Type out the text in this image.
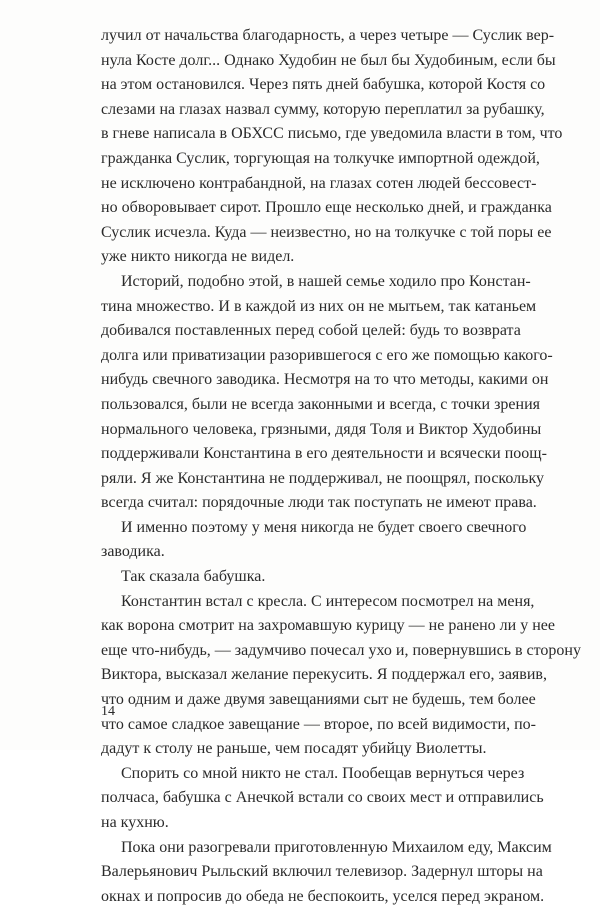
лучил от начальства благодарность, а через четыре — Суслик вер-
нула Косте долг... Однако Худобин не был бы Худобиным, если бы
на этом остановился. Через пять дней бабушка, которой Костя со
слезами на глазах назвал сумму, которую переплатил за рубашку,
в гневе написала в ОБХСС письмо, где уведомила власти в том, что
гражданка Суслик, торгующая на толкучке импортной одеждой,
не исключено контрабандной, на глазах сотен людей бессовест-
но обворовывает сирот. Прошло еще несколько дней, и гражданка
Суслик исчезла. Куда — неизвестно, но на толкучке с той поры ее
уже никто никогда не видел.
Историй, подобно этой, в нашей семье ходило про Констан-
тина множество. И в каждой из них он не мытьем, так катаньем
добивался поставленных перед собой целей: будь то возврата
долга или приватизации разорившегося с его же помощью какого-
нибудь свечного заводика. Несмотря на то что методы, какими он
пользовался, были не всегда законными и всегда, с точки зрения
нормального человека, грязными, дядя Толя и Виктор Худобины
поддерживали Константина в его деятельности и всячески поощ-
ряли. Я же Константина не поддерживал, не поощрял, поскольку
всегда считал: порядочные люди так поступать не имеют права.
И именно поэтому у меня никогда не будет своего свечного
заводика.
Так сказала бабушка.
Константин встал с кресла. С интересом посмотрел на меня,
как ворона смотрит на захромавшую курицу — не ранено ли у нее
еще что-нибудь, — задумчиво почесал ухо и, повернувшись в сторону
Виктора, высказал желание перекусить. Я поддержал его, заявив,
что одним и даже двумя завещаниями сыт не будешь, тем более
что самое сладкое завещание — второе, по всей видимости, по-
дадут к столу не раньше, чем посадят убийцу Виолетты.
Спорить со мной никто не стал. Пообещав вернуться через
полчаса, бабушка с Анечкой встали со своих мест и отправились
на кухню.
Пока они разогревали приготовленную Михаилом еду, Максим
Валерьянович Рыльский включил телевизор. Задернул шторы на
окнах и попросив до обеда не беспокоить, уселся перед экраном.
14
